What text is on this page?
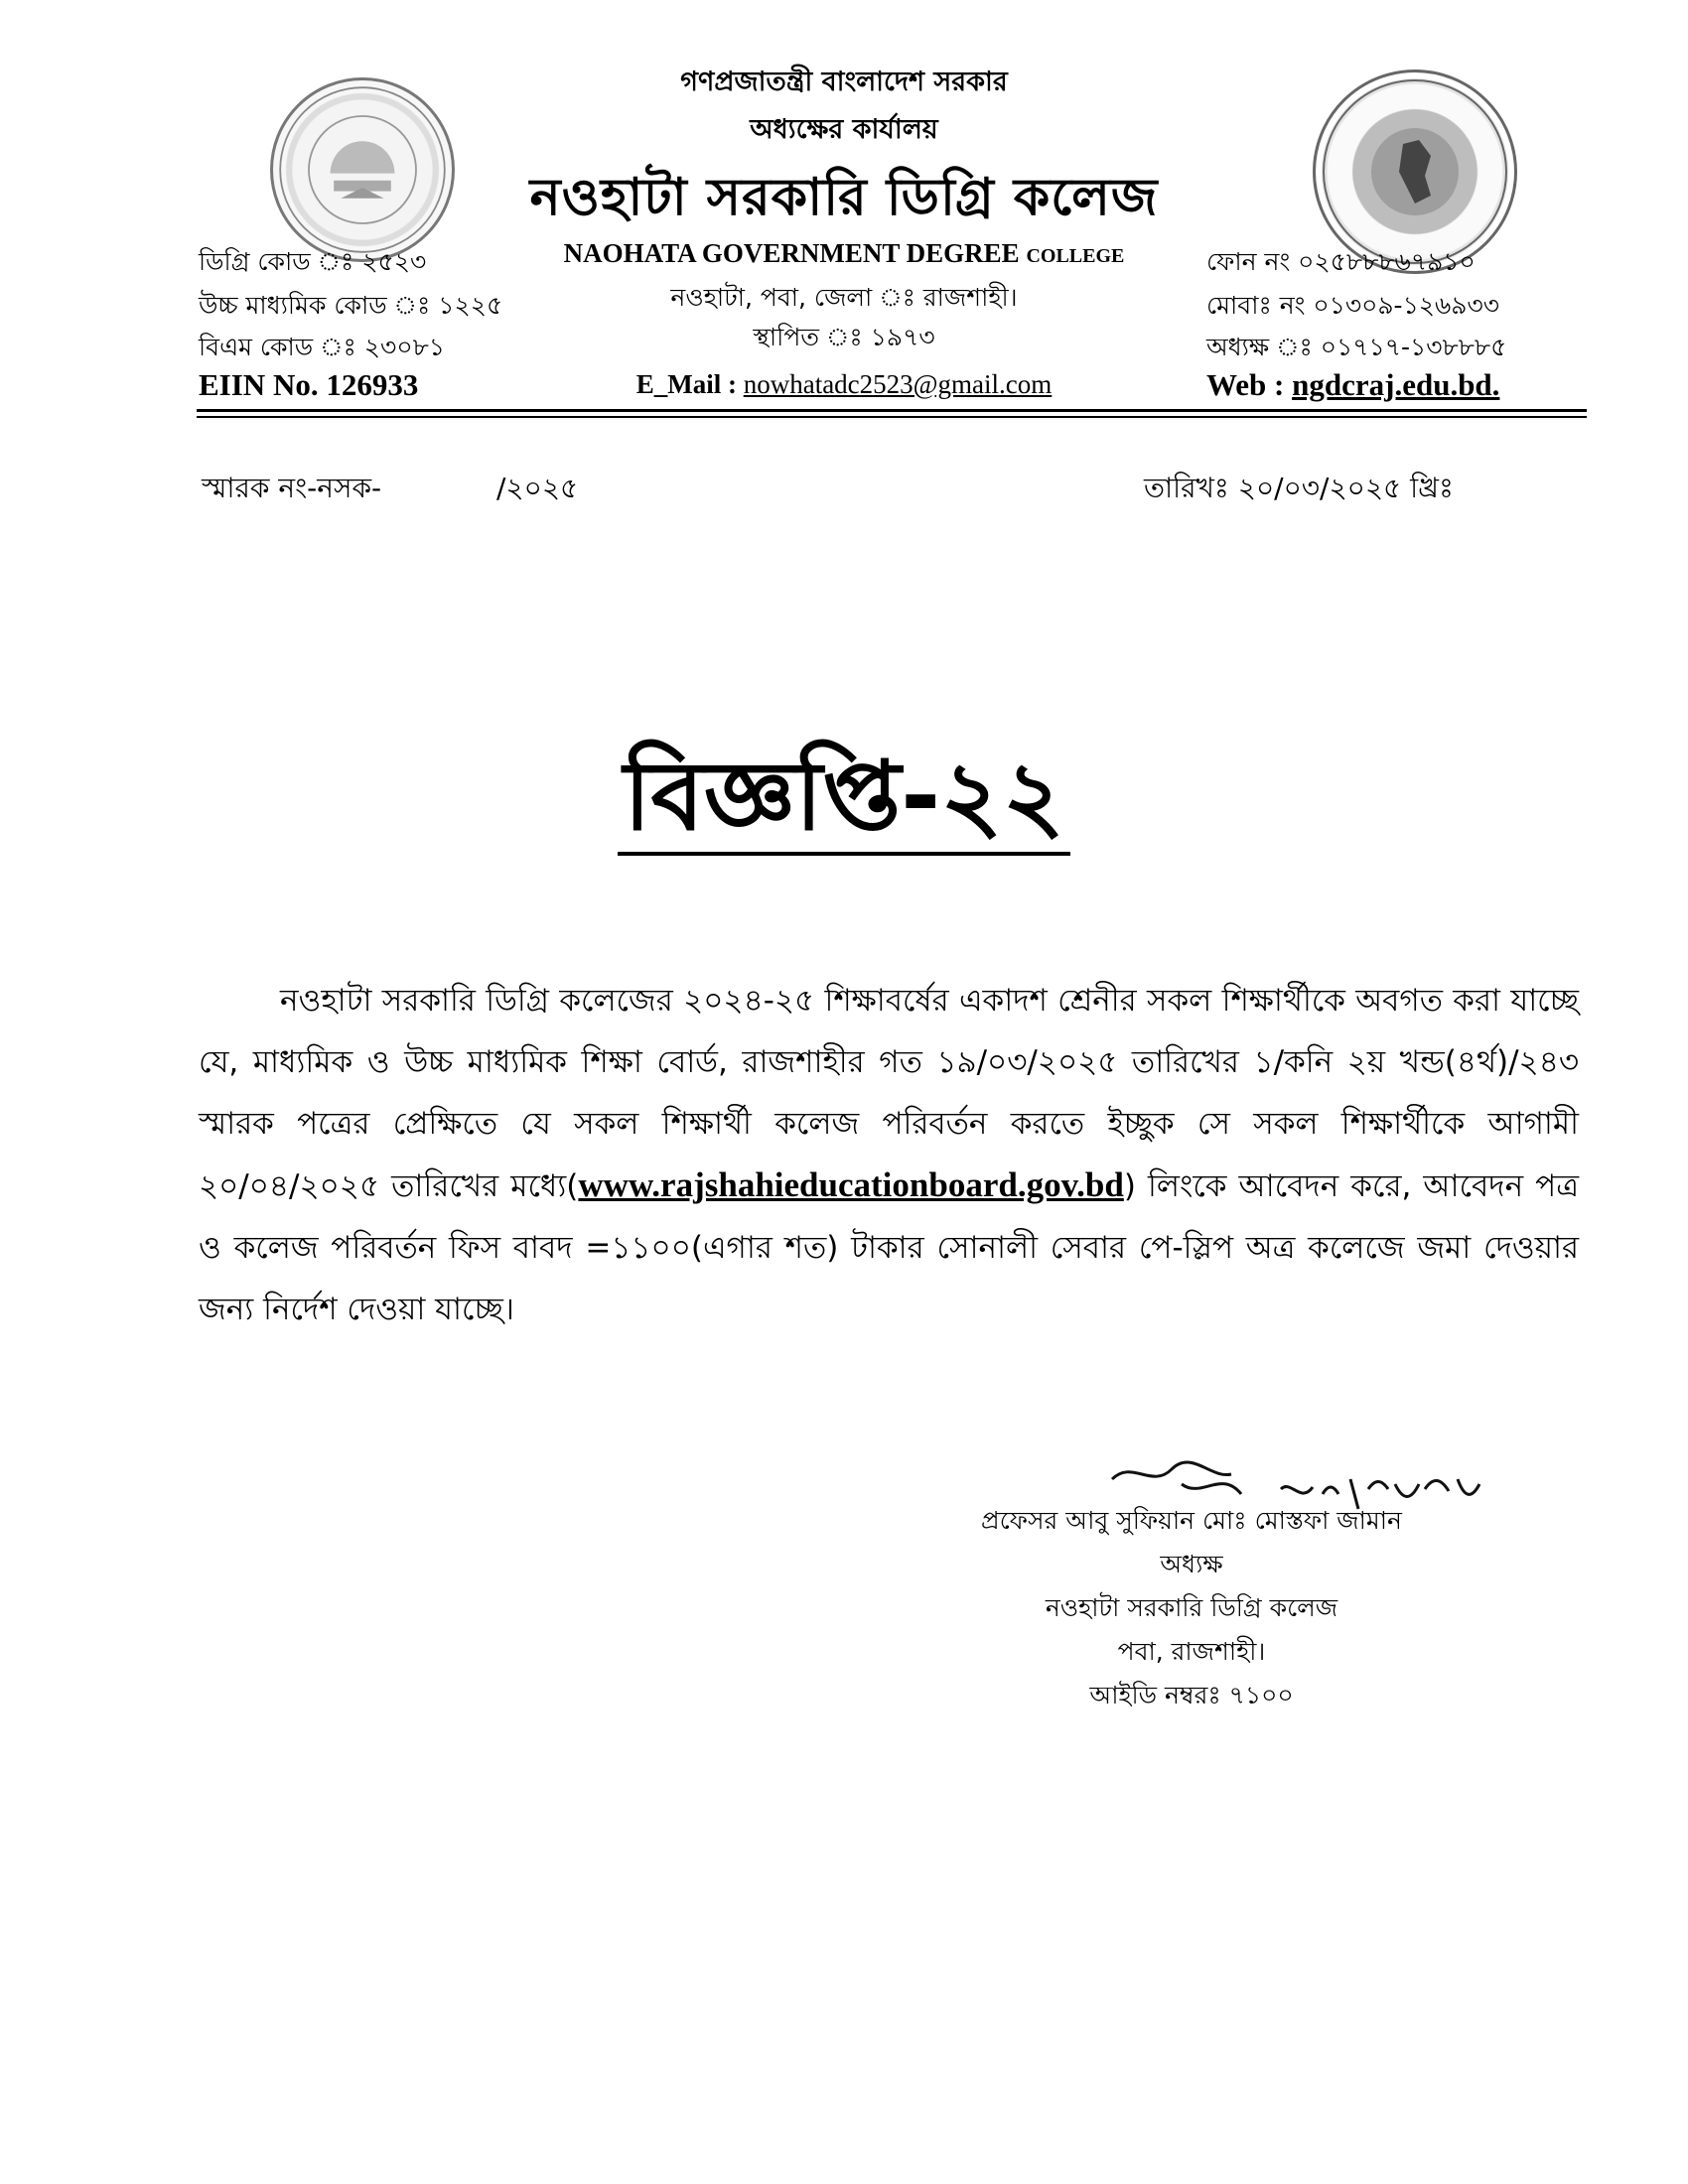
গণপ্রজাতন্ত্রী বাংলাদেশ সরকার
অধ্যক্ষের কার্যালয়
নওহাটা সরকারি ডিগ্রি কলেজ
NAOHATA GOVERNMENT DEGREE COLLEGE
নওহাটা, পবা, জেলা ঃ রাজশাহী।
স্থাপিত ঃ ১৯৭৩
E_Mail : nowhatadc2523@gmail.com
ডিগ্রি কোড ঃ ২৫২৩
উচ্চ মাধ্যমিক কোড ঃ ১২২৫
বিএম কোড ঃ ২৩০৮১
EIIN No. 126933
ফোন নং ০২৫৮৮৮৬৭৯১০
মোবাঃ নং ০১৩০৯-১২৬৯৩৩
অধ্যক্ষ ঃ ০১৭১৭-১৩৮৮৮৫
Web : ngdcraj.edu.bd.
স্মারক নং-নসক-	/২০২৫	তারিখঃ ২০/০৩/২০২৫ খ্রিঃ
বিজ্ঞপ্তি-২২
নওহাটা সরকারি ডিগ্রি কলেজের ২০২৪-২৫ শিক্ষাবর্ষের একাদশ শ্রেনীর সকল শিক্ষার্থীকে অবগত করা যাচ্ছে যে, মাধ্যমিক ও উচ্চ মাধ্যমিক শিক্ষা বোর্ড, রাজশাহীর গত ১৯/০৩/২০২৫ তারিখের ১/কনি ২য় খন্ড(৪র্থ)/২৪৩ স্মারক পত্রের প্রেক্ষিতে যে সকল শিক্ষার্থী কলেজ পরিবর্তন করতে ইচ্ছুক সে সকল শিক্ষার্থীকে আগামী ২০/০৪/২০২৫ তারিখের মধ্যে(www.rajshahieducationboard.gov.bd) লিংকে আবেদন করে, আবেদন পত্র ও কলেজ পরিবর্তন ফিস বাবদ =১১০০(এগার শত) টাকার সোনালী সেবার পে-স্লিপ অত্র কলেজে জমা দেওয়ার জন্য নির্দেশ দেওয়া যাচ্ছে।
প্রফেসর আবু সুফিয়ান মোঃ মোস্তফা জামান
অধ্যক্ষ
নওহাটা সরকারি ডিগ্রি কলেজ
পবা, রাজশাহী।
আইডি নম্বরঃ ৭১০০
